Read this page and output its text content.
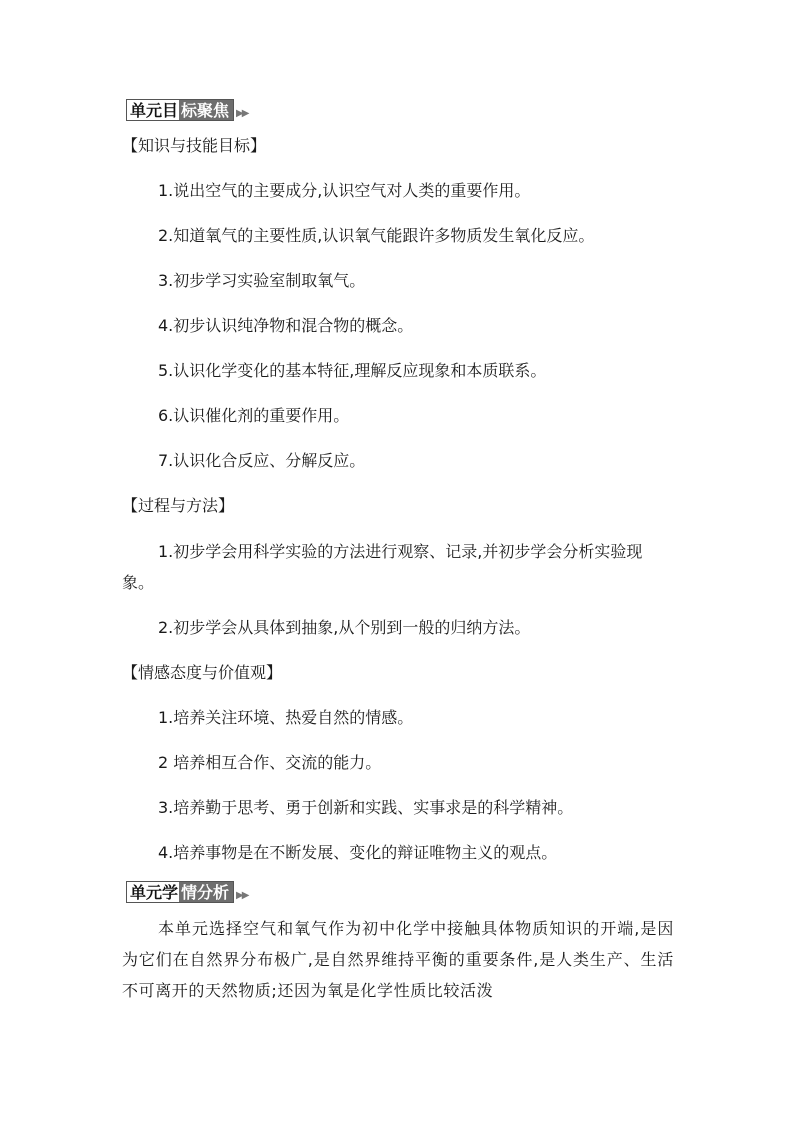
单元目 标聚焦 ▶▶
【知识与技能目标】
1.说出空气的主要成分,认识空气对人类的重要作用。
2.知道氧气的主要性质,认识氧气能跟许多物质发生氧化反应。
3.初步学习实验室制取氧气。
4.初步认识纯净物和混合物的概念。
5.认识化学变化的基本特征,理解反应现象和本质联系。
6.认识催化剂的重要作用。
7.认识化合反应、分解反应。
【过程与方法】
1.初步学会用科学实验的方法进行观察、记录,并初步学会分析实验现象。
2.初步学会从具体到抽象,从个别到一般的归纳方法。
【情感态度与价值观】
1.培养关注环境、热爱自然的情感。
2 培养相互合作、交流的能力。
3.培养勤于思考、勇于创新和实践、实事求是的科学精神。
4.培养事物是在不断发展、变化的辩证唯物主义的观点。
单元学 情分析 ▶▶
本单元选择空气和氧气作为初中化学中接触具体物质知识的开端,是因为它们在自然界分布极广,是自然界维持平衡的重要条件,是人类生产、生活不可离开的天然物质;还因为氧是化学性质比较活泼
